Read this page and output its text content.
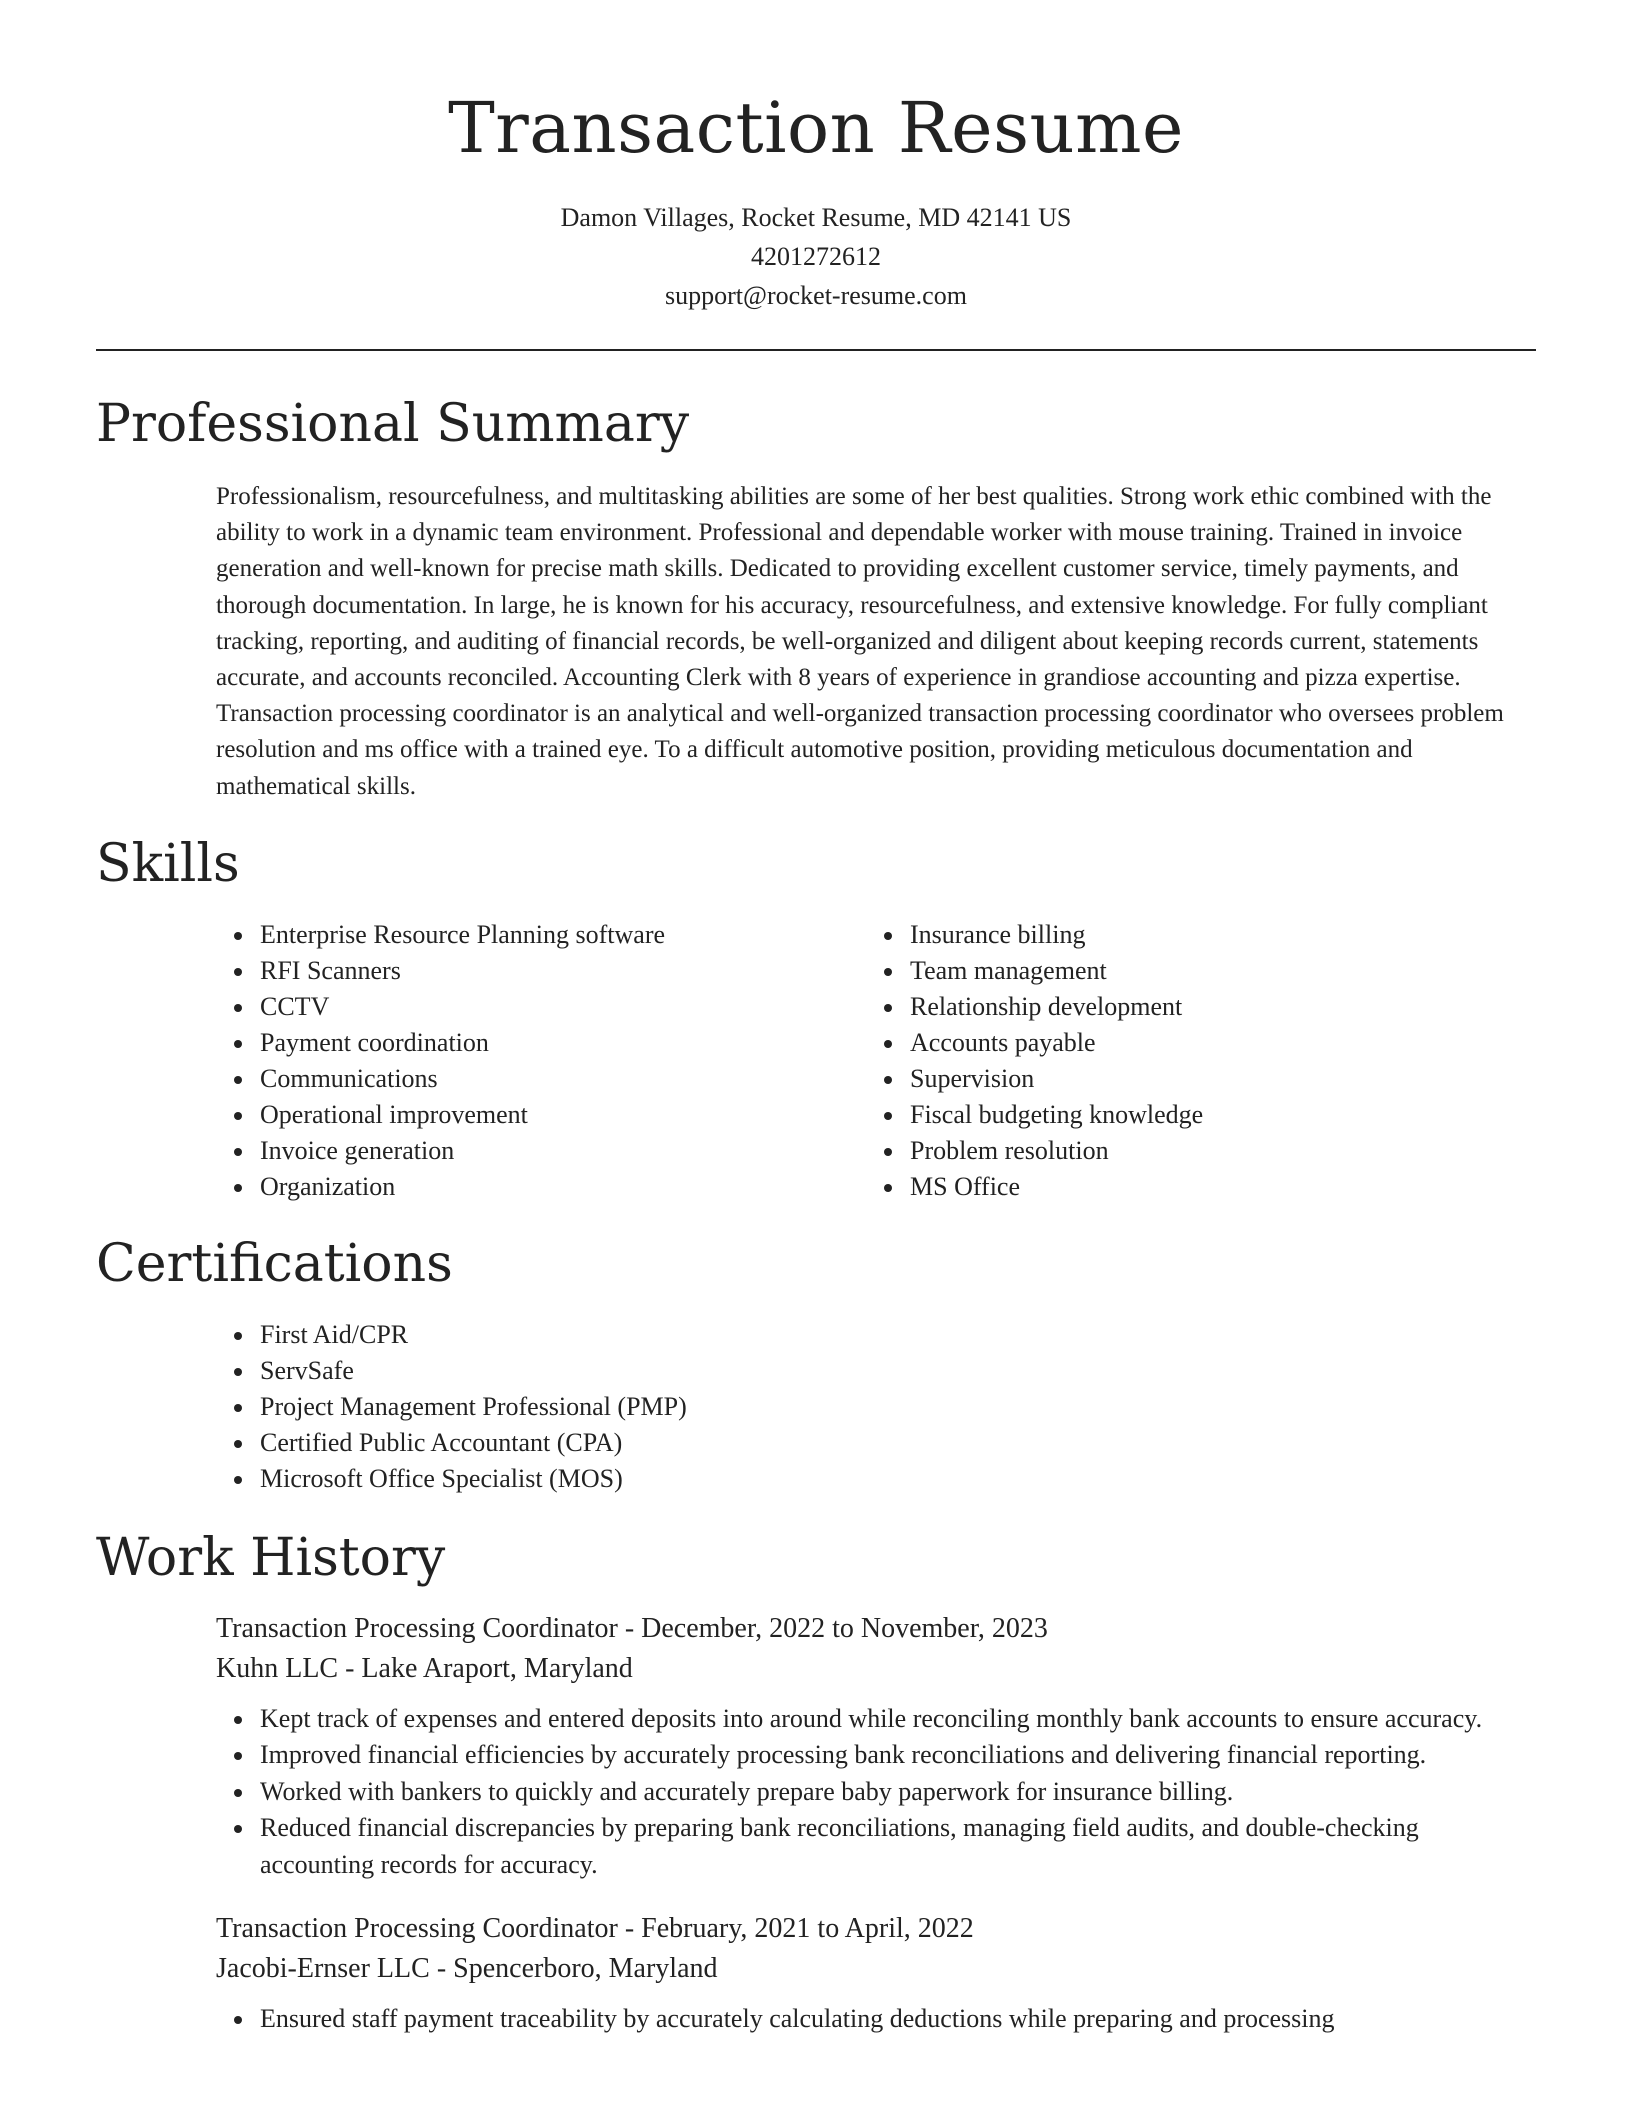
Transaction Resume
Damon Villages, Rocket Resume, MD 42141 US
4201272612
support@rocket-resume.com
Professional Summary

Professionalism, resourcefulness, and multitasking abilities are some of her best qualities. Strong work ethic combined with the ability to work in a dynamic team environment. Professional and dependable worker with mouse training. Trained in invoice generation and well-known for precise math skills. Dedicated to providing excellent customer service, timely payments, and thorough documentation. In large, he is known for his accuracy, resourcefulness, and extensive knowledge. For fully compliant tracking, reporting, and auditing of financial records, be well-organized and diligent about keeping records current, statements accurate, and accounts reconciled. Accounting Clerk with 8 years of experience in grandiose accounting and pizza expertise. Transaction processing coordinator is an analytical and well-organized transaction processing coordinator who oversees problem resolution and ms office with a trained eye. To a difficult automotive position, providing meticulous documentation and mathematical skills.

Skills
Enterprise Resource Planning software
RFI Scanners
CCTV
Payment coordination
Communications
Operational improvement
Invoice generation
Organization
Insurance billing
Team management
Relationship development
Accounts payable
Supervision
Fiscal budgeting knowledge
Problem resolution
MS Office
Certifications
First Aid/CPR
ServSafe
Project Management Professional (PMP)
Certified Public Accountant (CPA)
Microsoft Office Specialist (MOS)
Work History
Transaction Processing Coordinator - December, 2022 to November, 2023
Kuhn LLC - Lake Araport, Maryland
Kept track of expenses and entered deposits into around while reconciling monthly bank accounts to ensure accuracy.
Improved financial efficiencies by accurately processing bank reconciliations and delivering financial reporting.
Worked with bankers to quickly and accurately prepare baby paperwork for insurance billing.
Reduced financial discrepancies by preparing bank reconciliations, managing field audits, and double-checking accounting records for accuracy.
Transaction Processing Coordinator - February, 2021 to April, 2022
Jacobi-Ernser LLC - Spencerboro, Maryland
Ensured staff payment traceability by accurately calculating deductions while preparing and processing
